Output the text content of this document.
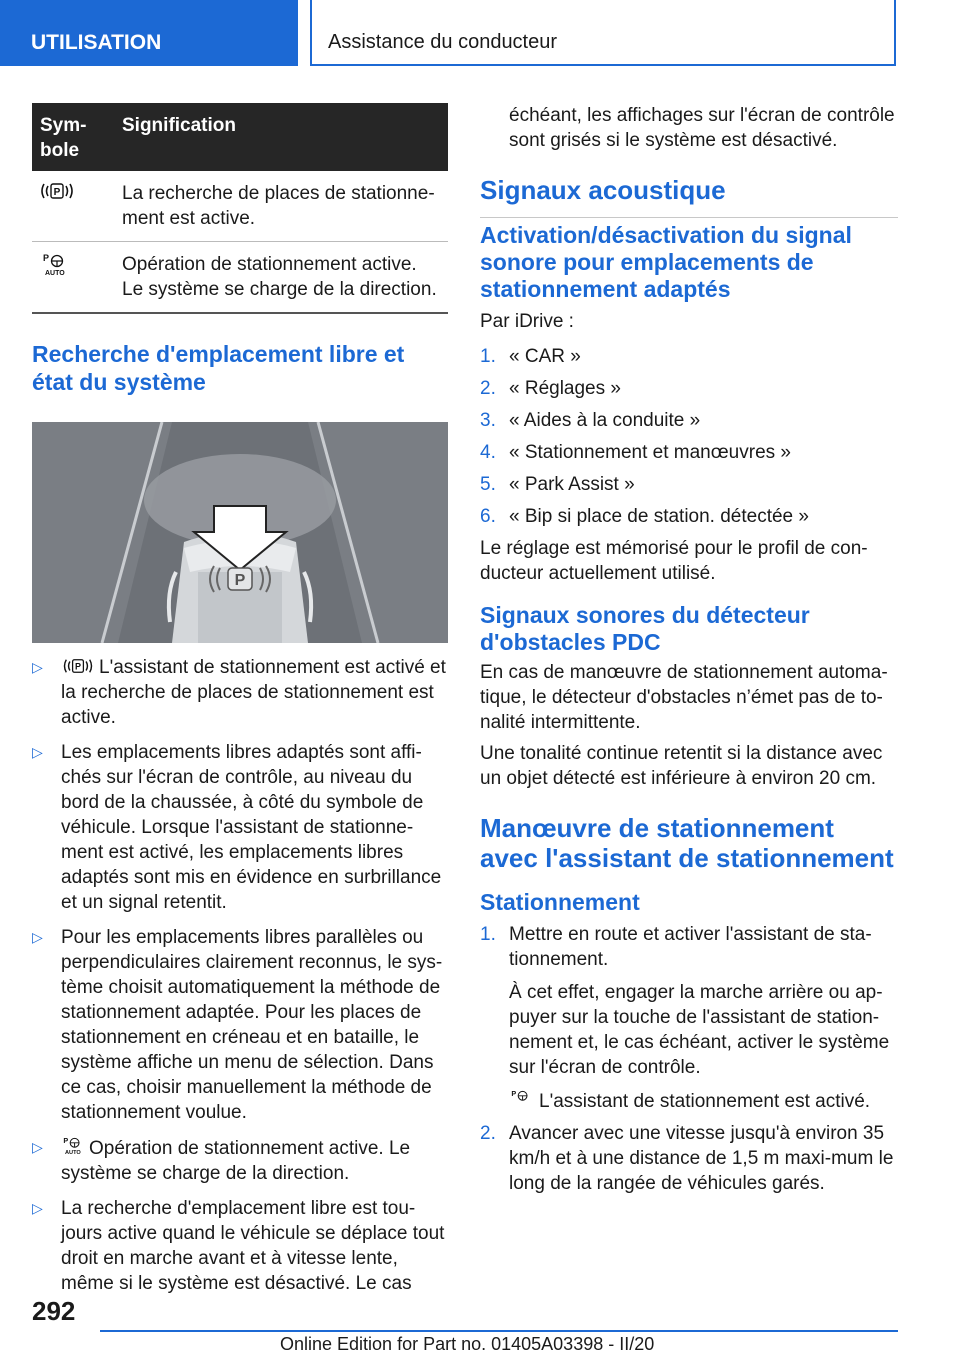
UTILISATION	Assistance du conducteur
Sym-
bole	Signification

P	La recherche de places de stationne-ment est active.

P
AUTO	Opération de stationnement active. Le système se charge de la direction.
Recherche d'emplacement libre et état du système
P
▷	P L'assistant de stationnement est activé et la recherche de places de stationnement est active.
▷ Les emplacements libres adaptés sont affi-chés sur l'écran de contrôle, au niveau du bord de la chaussée, à côté du symbole de véhicule. Lorsque l'assistant de stationne-ment est activé, les emplacements libres adaptés sont mis en évidence en surbrillance et un signal retentit.
▷ Pour les emplacements libres parallèles ou perpendiculaires clairement reconnus, le sys-tème choisit automatiquement la méthode de stationnement adaptée. Pour les places de stationnement en créneau et en bataille, le système affiche un menu de sélection. Dans ce cas, choisir manuellement la méthode de stationnement voulue.
▷ P
AUTO Opération de stationnement active. Le système se charge de la direction.
▷ La recherche d'emplacement libre est tou-jours active quand le véhicule se déplace tout droit en marche avant et à vitesse lente, même si le système est désactivé. Le cas

échéant, les affichages sur l'écran de contrôle sont grisés si le système est désactivé.

Signaux acoustique
Activation/désactivation du signal sonore pour emplacements de stationnement adaptés

Par iDrive :

1. « CAR »
2. « Réglages »
3. « Aides à la conduite »
4. « Stationnement et manœuvres »
5. « Park Assist »
6. « Bip si place de station. détectée »

Le réglage est mémorisé pour le profil de con-ducteur actuellement utilisé.

Signaux sonores du détecteur d'obstacles PDC

En cas de manœuvre de stationnement automa-tique, le détecteur d'obstacles n’émet pas de to-nalité intermittente.

Une tonalité continue retentit si la distance avec un objet détecté est inférieure à environ 20 cm.

Manœuvre de stationnement avec l'assistant de stationnement
Stationnement
1. Mettre en route et activer l'assistant de sta-tionnement.

À cet effet, engager la marche arrière ou ap-puyer sur la touche de l'assistant de station-nement et, le cas échéant, activer le système sur l'écran de contrôle.

P L'assistant de stationnement est activé.

2. Avancer avec une vitesse jusqu'à environ 35 km/h et à une distance de 1,5 m maxi-mum le long de la rangée de véhicules garés.
292
Online Edition for Part no. 01405A03398 - II/20
